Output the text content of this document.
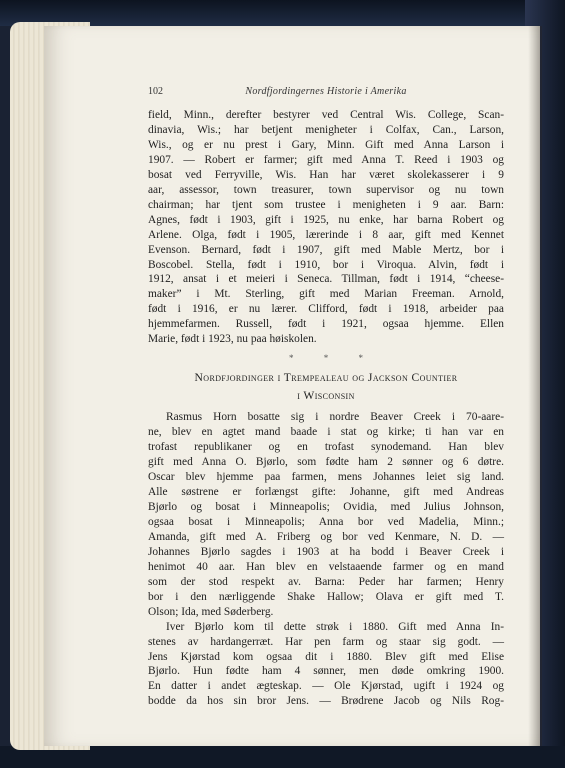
102	Nordfjordingernes Historie i Amerika
field, Minn., derefter bestyrer ved Central Wis. College, Scan-
dinavia, Wis.; har betjent menigheter i Colfax, Can., Larson,
Wis., og er nu prest i Gary, Minn. Gift med Anna Larson i
1907. — Robert er farmer; gift med Anna T. Reed i 1903 og
bosat ved Ferryville, Wis. Han har været skolekasserer i 9
aar, assessor, town treasurer, town supervisor og nu town
chairman; har tjent som trustee i menigheten i 9 aar. Barn:
Agnes, født i 1903, gift i 1925, nu enke, har barna Robert og
Arlene. Olga, født i 1905, lærerinde i 8 aar, gift med Kennet
Evenson. Bernard, født i 1907, gift med Mable Mertz, bor i
Boscobel. Stella, født i 1910, bor i Viroqua. Alvin, født i
1912, ansat i et meieri i Seneca. Tillman, født i 1914, “cheese-
maker” i Mt. Sterling, gift med Marian Freeman. Arnold,
født i 1916, er nu lærer. Clifford, født i 1918, arbeider paa
hjemmefarmen. Russell, født i 1921, ogsaa hjemme. Ellen
Marie, født i 1923, nu paa høiskolen.
* * *
Nordfjordinger i Trempealeau og Jackson Countier
i Wisconsin
Rasmus Horn bosatte sig i nordre Beaver Creek i 70-aare-
ne, blev en agtet mand baade i stat og kirke; ti han var en
trofast republikaner og en trofast synodemand. Han blev
gift med Anna O. Bjørlo, som fødte ham 2 sønner og 6 døtre.
Oscar blev hjemme paa farmen, mens Johannes leiet sig land.
Alle søstrene er forlængst gifte: Johanne, gift med Andreas
Bjørlo og bosat i Minneapolis; Ovidia, med Julius Johnson,
ogsaa bosat i Minneapolis; Anna bor ved Madelia, Minn.;
Amanda, gift med A. Friberg og bor ved Kenmare, N. D. —
Johannes Bjørlo sagdes i 1903 at ha bodd i Beaver Creek i
henimot 40 aar. Han blev en velstaaende farmer og en mand
som der stod respekt av. Barna: Peder har farmen; Henry
bor i den nærliggende Shake Hallow; Olava er gift med T.
Olson; Ida, med Søderberg.
Iver Bjørlo kom til dette strøk i 1880. Gift med Anna In-
stenes av hardangerræt. Har pen farm og staar sig godt. —
Jens Kjørstad kom ogsaa dit i 1880. Blev gift med Elise
Bjørlo. Hun fødte ham 4 sønner, men døde omkring 1900.
En datter i andet ægteskap. — Ole Kjørstad, ugift i 1924 og
bodde da hos sin bror Jens. — Brødrene Jacob og Nils Rog-
